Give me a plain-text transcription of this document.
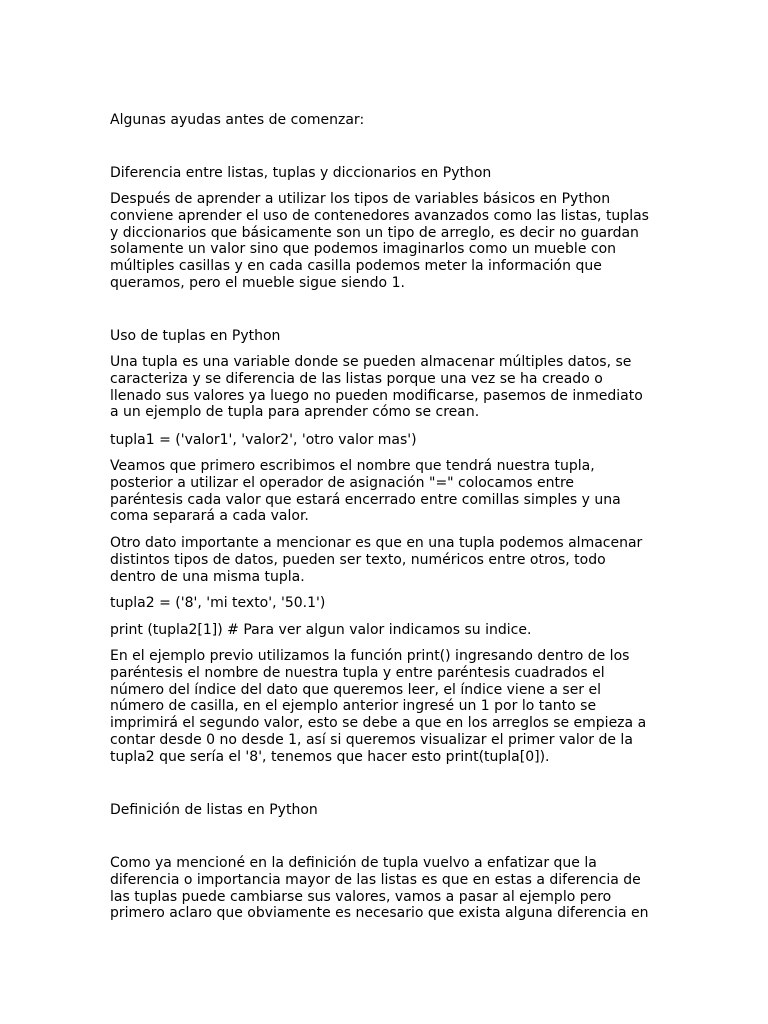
Algunas ayudas antes de comenzar:

Diferencia entre listas, tuplas y diccionarios en Python

Después de aprender a utilizar los tipos de variables básicos en Python
conviene aprender el uso de contenedores avanzados como las listas, tuplas
y diccionarios que básicamente son un tipo de arreglo, es decir no guardan
solamente un valor sino que podemos imaginarlos como un mueble con
múltiples casillas y en cada casilla podemos meter la información que
queramos, pero el mueble sigue siendo 1.

Uso de tuplas en Python

Una tupla es una variable donde se pueden almacenar múltiples datos, se
caracteriza y se diferencia de las listas porque una vez se ha creado o
llenado sus valores ya luego no pueden modificarse, pasemos de inmediato
a un ejemplo de tupla para aprender cómo se crean.

tupla1 = ('valor1', 'valor2', 'otro valor mas')

Veamos que primero escribimos el nombre que tendrá nuestra tupla,
posterior a utilizar el operador de asignación "=" colocamos entre
paréntesis cada valor que estará encerrado entre comillas simples y una
coma separará a cada valor.

Otro dato importante a mencionar es que en una tupla podemos almacenar
distintos tipos de datos, pueden ser texto, numéricos entre otros, todo
dentro de una misma tupla.

tupla2 = ('8', 'mi texto', '50.1')

print (tupla2[1]) # Para ver algun valor indicamos su indice.

En el ejemplo previo utilizamos la función print() ingresando dentro de los
paréntesis el nombre de nuestra tupla y entre paréntesis cuadrados el
número del índice del dato que queremos leer, el índice viene a ser el
número de casilla, en el ejemplo anterior ingresé un 1 por lo tanto se
imprimirá el segundo valor, esto se debe a que en los arreglos se empieza a
contar desde 0 no desde 1, así si queremos visualizar el primer valor de la
tupla2 que sería el '8', tenemos que hacer esto print(tupla[0]).

Definición de listas en Python

Como ya mencioné en la definición de tupla vuelvo a enfatizar que la
diferencia o importancia mayor de las listas es que en estas a diferencia de
las tuplas puede cambiarse sus valores, vamos a pasar al ejemplo pero
primero aclaro que obviamente es necesario que exista alguna diferencia en
